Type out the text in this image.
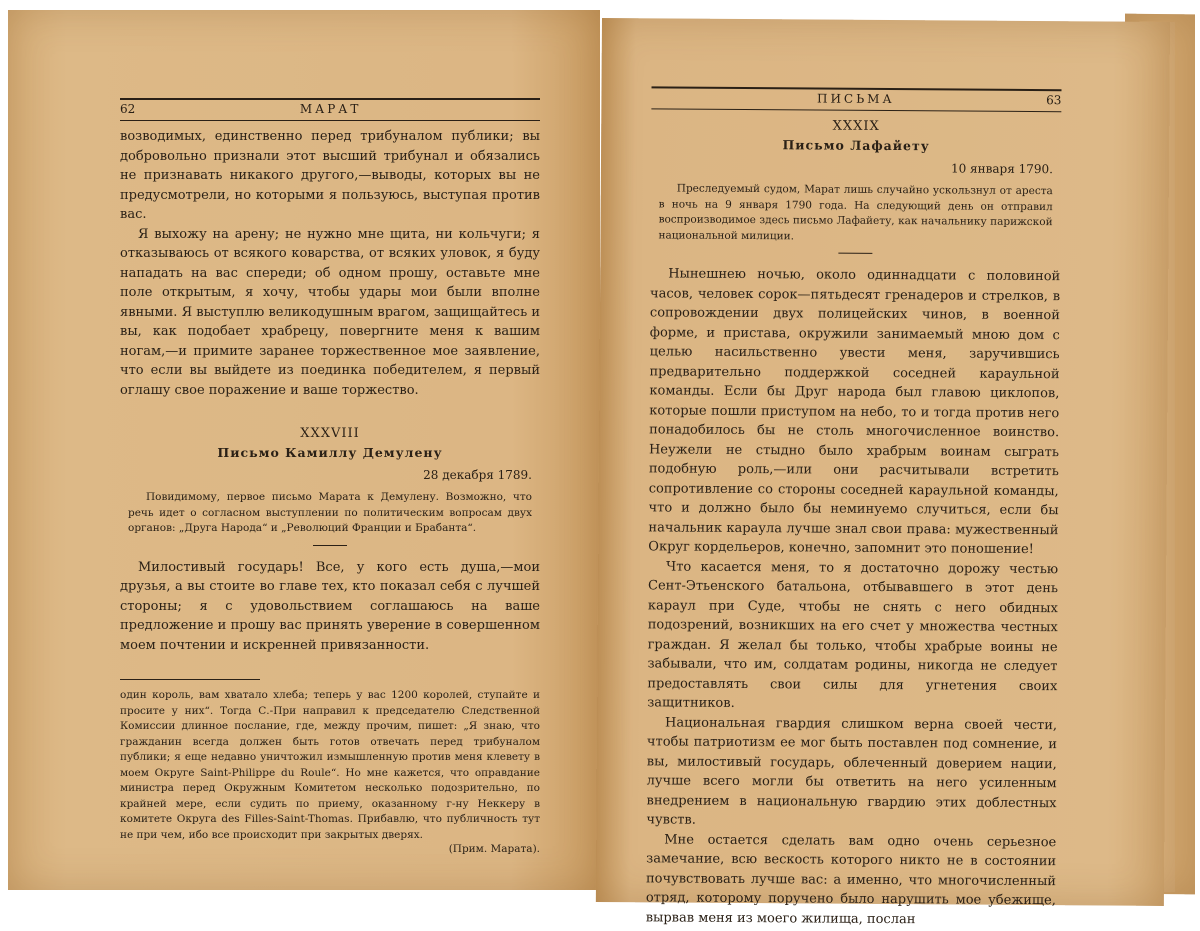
62	МАРАТ

возводимых, единственно перед трибуналом публики; вы добровольно признали этот высший трибунал и обязались не признавать никакого другого,—выводы, которых вы не предусмотрели, но которыми я пользуюсь, выступая против вас.

Я выхожу на арену; не нужно мне щита, ни кольчуги; я отказываюсь от всякого коварства, от всяких уловок, я буду нападать на вас спереди; об одном прошу, оставьте мне поле открытым, я хочу, чтобы удары мои были вполне явными. Я выступлю великодушным врагом, защищайтесь и вы, как подобает храбрецу, повергните меня к вашим ногам,—и примите заранее торжественное мое заявление, что если вы выйдете из поединка победителем, я первый оглашу свое поражение и ваше торжество.

XXXVIII
Письмо Камиллу Демулену
28 декабря 1789.

Повидимому, первое письмо Марата к Демулену. Возможно, что речь идет о согласном выступлении по политическим вопросам двух органов: „Друга Народа“ и „Революций Франции и Брабанта“.

Милостивый государь! Все, у кого есть душа,—мои друзья, а вы стоите во главе тех, кто показал себя с лучшей стороны; я с удовольствием соглашаюсь на ваше предложение и прошу вас принять уверение в совершенном моем почтении и искренней привязанности.

один король, вам хватало хлеба; теперь у вас 1200 королей, ступайте и просите у них“. Тогда С.-При направил к председателю Следственной Комиссии длинное послание, где, между прочим, пишет: „Я знаю, что гражданин всегда должен быть готов отвечать перед трибуналом публики; я еще недавно уничтожил измышленную против меня клевету в моем Округе Saint-Philippe du Roule“. Но мне кажется, что оправдание министра перед Окружным Комитетом несколько подозрительно, по крайней мере, если судить по приему, оказанному г-ну Неккеру в комитете Округа des Filles-Saint-Thomas. Прибавлю, что публичность тут не при чем, ибо все происходит при закрытых дверях.

(Прим. Марата).

ПИСЬМА	63
XXXIX
Письмо Лафайету
10 января 1790.

Преследуемый судом, Марат лишь случайно ускользнул от ареста в ночь на 9 января 1790 года. На следующий день он отправил воспроизводимое здесь письмо Лафайету, как начальнику парижской национальной милиции.

Нынешнею ночью, около одиннадцати с половиной часов, человек сорок—пятьдесят гренадеров и стрелков, в сопровождении двух полицейских чинов, в военной форме, и пристава, окружили занимаемый мною дом с целью насильственно увести меня, заручившись предварительно поддержкой соседней караульной команды. Если бы Друг народа был главою циклопов, которые пошли приступом на небо, то и тогда против него понадобилось бы не столь многочисленное воинство. Неужели не стыдно было храбрым воинам сыграть подобную роль,—или они расчитывали встретить сопротивление со стороны соседней караульной команды, что и должно было бы неминуемо случиться, если бы начальник караула лучше знал свои права: мужественный Округ кордельеров, конечно, запомнит это поношение!

Что касается меня, то я достаточно дорожу честью Сент-Этьенского батальона, отбывавшего в этот день караул при Суде, чтобы не снять с него обидных подозрений, возникших на его счет у множества честных граждан. Я желал бы только, чтобы храбрые воины не забывали, что им, солдатам родины, никогда не следует предоставлять свои силы для угнетения своих защитников.

Национальная гвардия слишком верна своей чести, чтобы патриотизм ее мог быть поставлен под сомнение, и вы, милостивый государь, облеченный доверием нации, лучше всего могли бы ответить на него усиленным внедрением в национальную гвардию этих доблестных чувств.

Мне остается сделать вам одно очень серьезное замечание, всю вескость которого никто не в состоянии почувствовать лучше вас: а именно, что многочисленный отряд, которому поручено было нарушить мое убежище, вырвав меня из моего жилища, послан
